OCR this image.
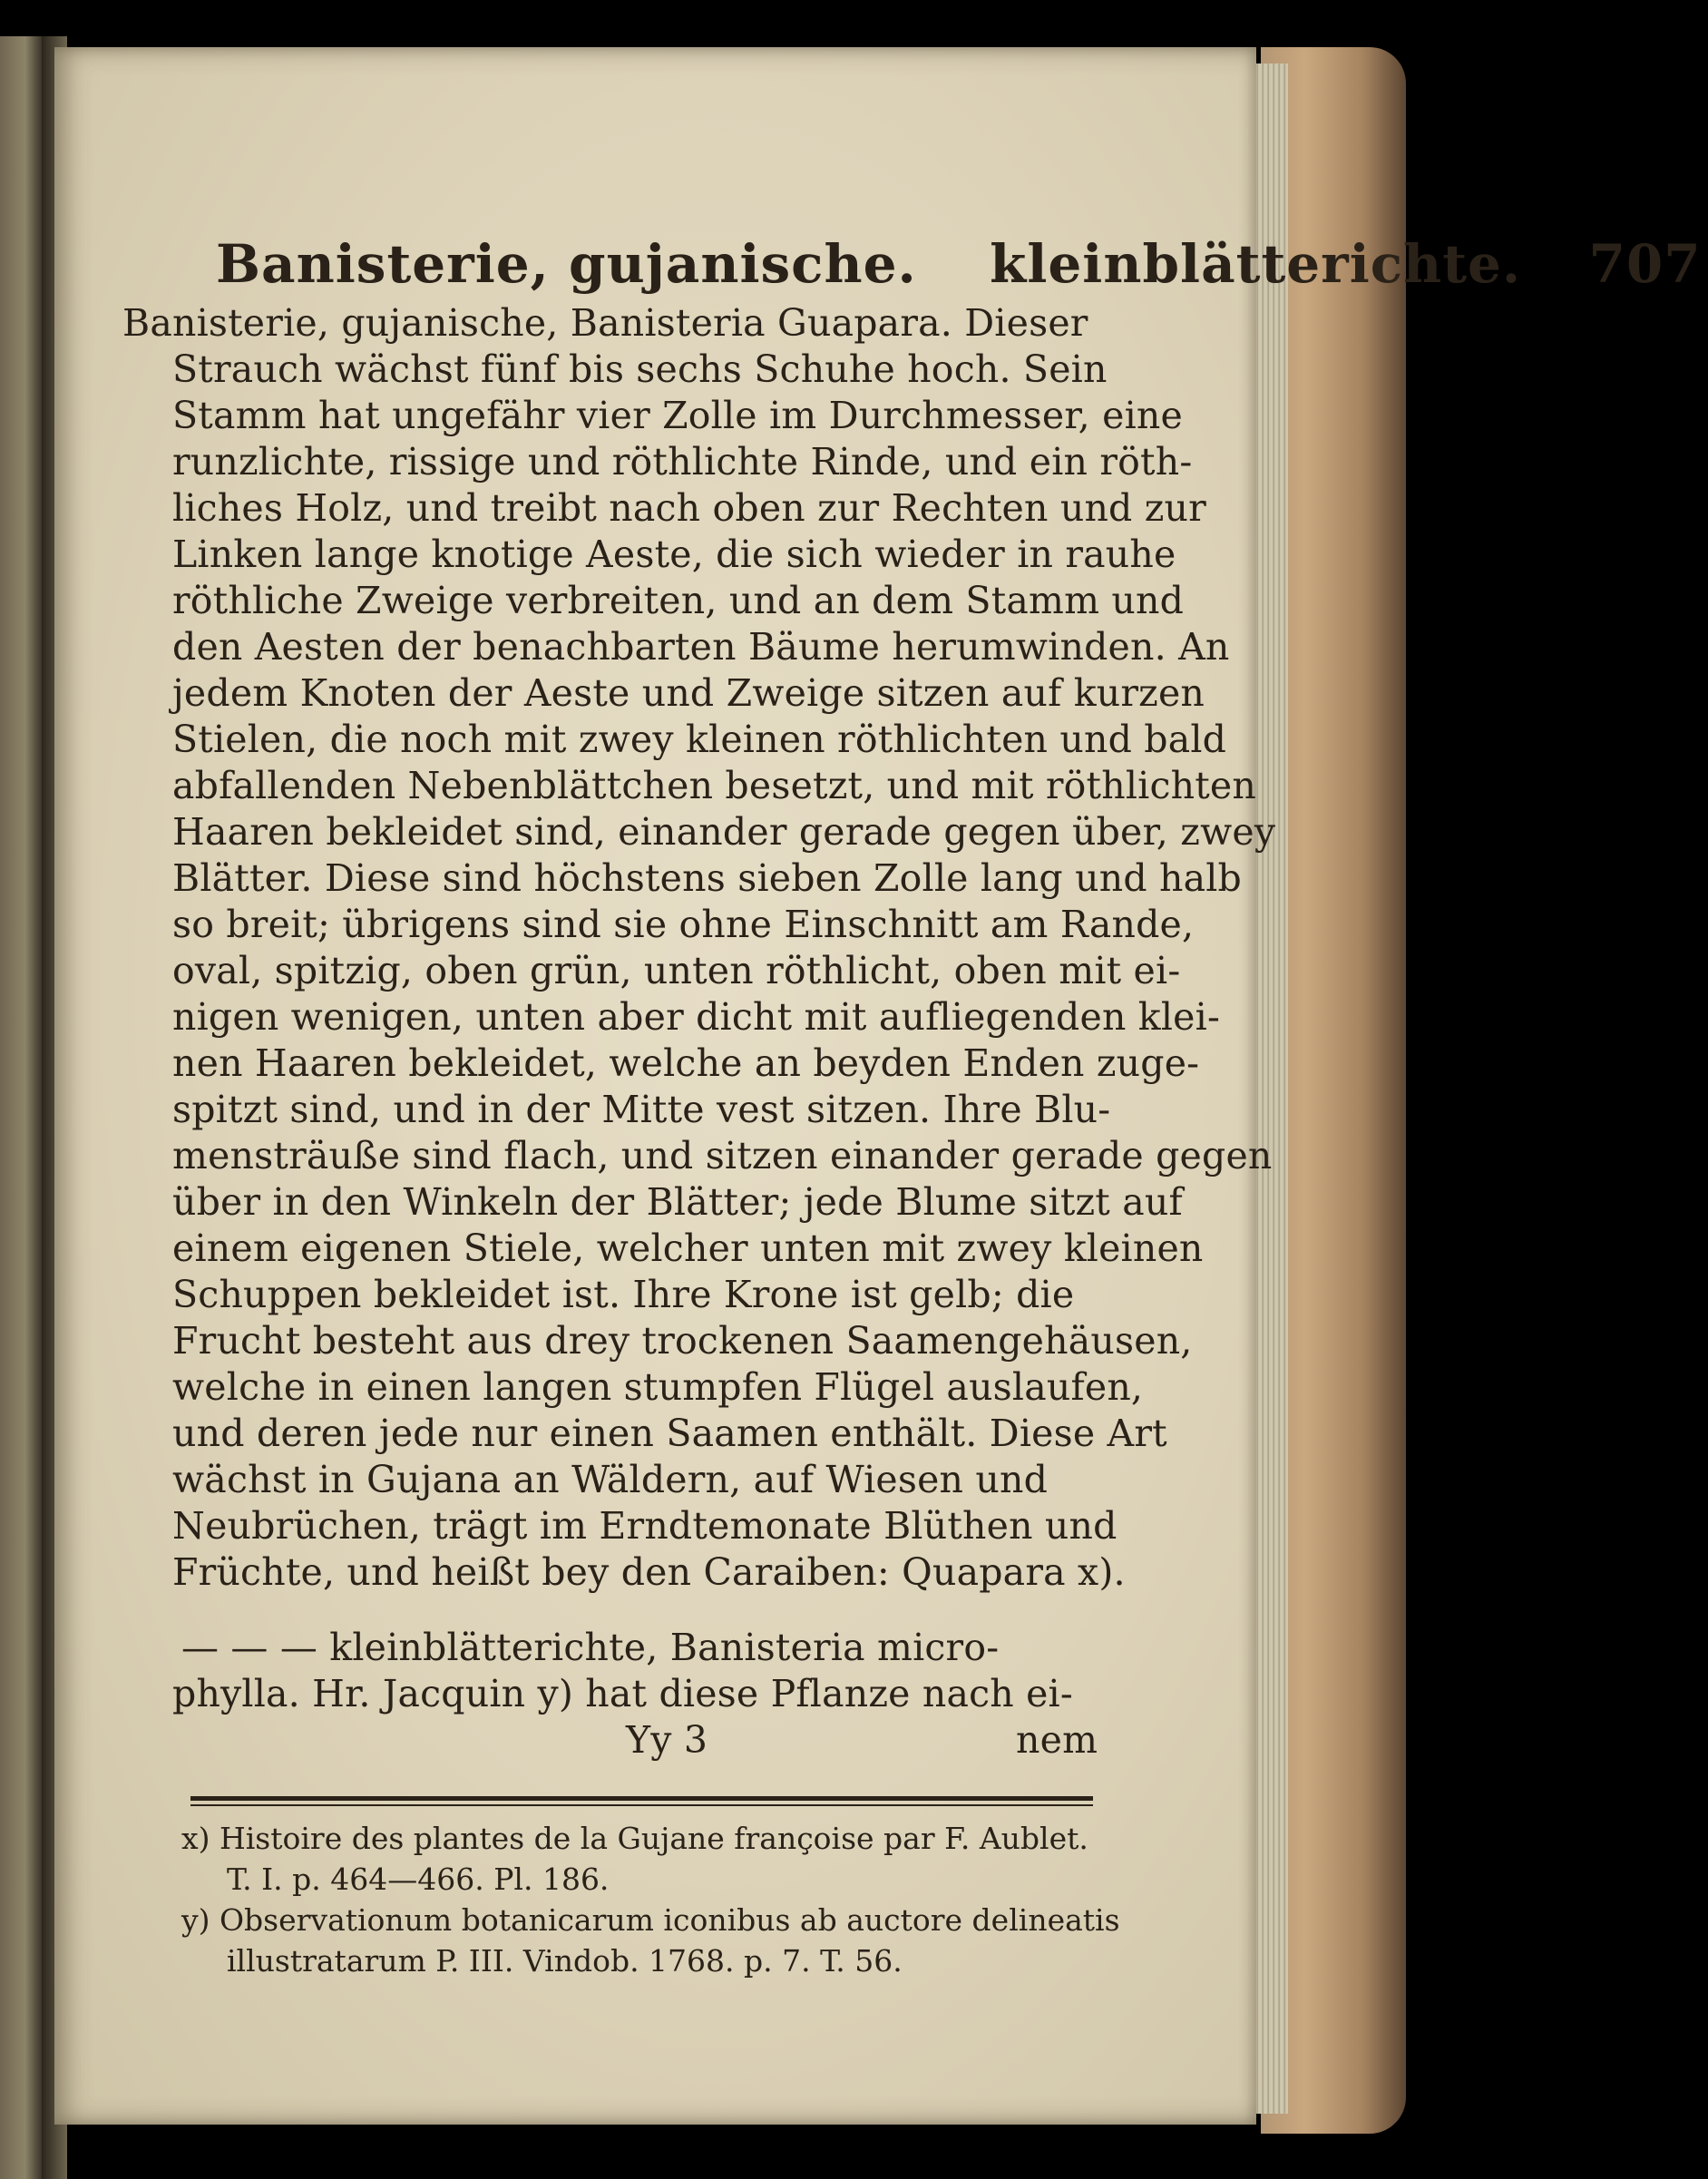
Banisterie, gujanische. kleinblätterichte. 707
Banisterie, gujanische, Banisteria Guapara. Dieser
Strauch wächst fünf bis sechs Schuhe hoch. Sein
Stamm hat ungefähr vier Zolle im Durchmesser, eine
runzlichte, rissige und röthlichte Rinde, und ein röth-
liches Holz, und treibt nach oben zur Rechten und zur
Linken lange knotige Aeste, die sich wieder in rauhe
röthliche Zweige verbreiten, und an dem Stamm und
den Aesten der benachbarten Bäume herumwinden. An
jedem Knoten der Aeste und Zweige sitzen auf kurzen
Stielen, die noch mit zwey kleinen röthlichten und bald
abfallenden Nebenblättchen besetzt, und mit röthlichten
Haaren bekleidet sind, einander gerade gegen über, zwey
Blätter. Diese sind höchstens sieben Zolle lang und halb
so breit; übrigens sind sie ohne Einschnitt am Rande,
oval, spitzig, oben grün, unten röthlicht, oben mit ei-
nigen wenigen, unten aber dicht mit aufliegenden klei-
nen Haaren bekleidet, welche an beyden Enden zuge-
spitzt sind, und in der Mitte vest sitzen. Ihre Blu-
mensträuße sind flach, und sitzen einander gerade gegen
über in den Winkeln der Blätter; jede Blume sitzt auf
einem eigenen Stiele, welcher unten mit zwey kleinen
Schuppen bekleidet ist. Ihre Krone ist gelb; die
Frucht besteht aus drey trockenen Saamengehäusen,
welche in einen langen stumpfen Flügel auslaufen,
und deren jede nur einen Saamen enthält. Diese Art
wächst in Gujana an Wäldern, auf Wiesen und
Neubrüchen, trägt im Erndtemonate Blüthen und
Früchte, und heißt bey den Caraiben: Quapara x).
— — — kleinblätterichte, Banisteria micro-
phylla. Hr. Jacquin y) hat diese Pflanze nach ei-
Yy 3	nem
x) Histoire des plantes de la Gujane françoise par F. Aublet.
T. I. p. 464—466. Pl. 186.
y) Observationum botanicarum iconibus ab auctore delineatis
illustratarum P. III. Vindob. 1768. p. 7. T. 56.
